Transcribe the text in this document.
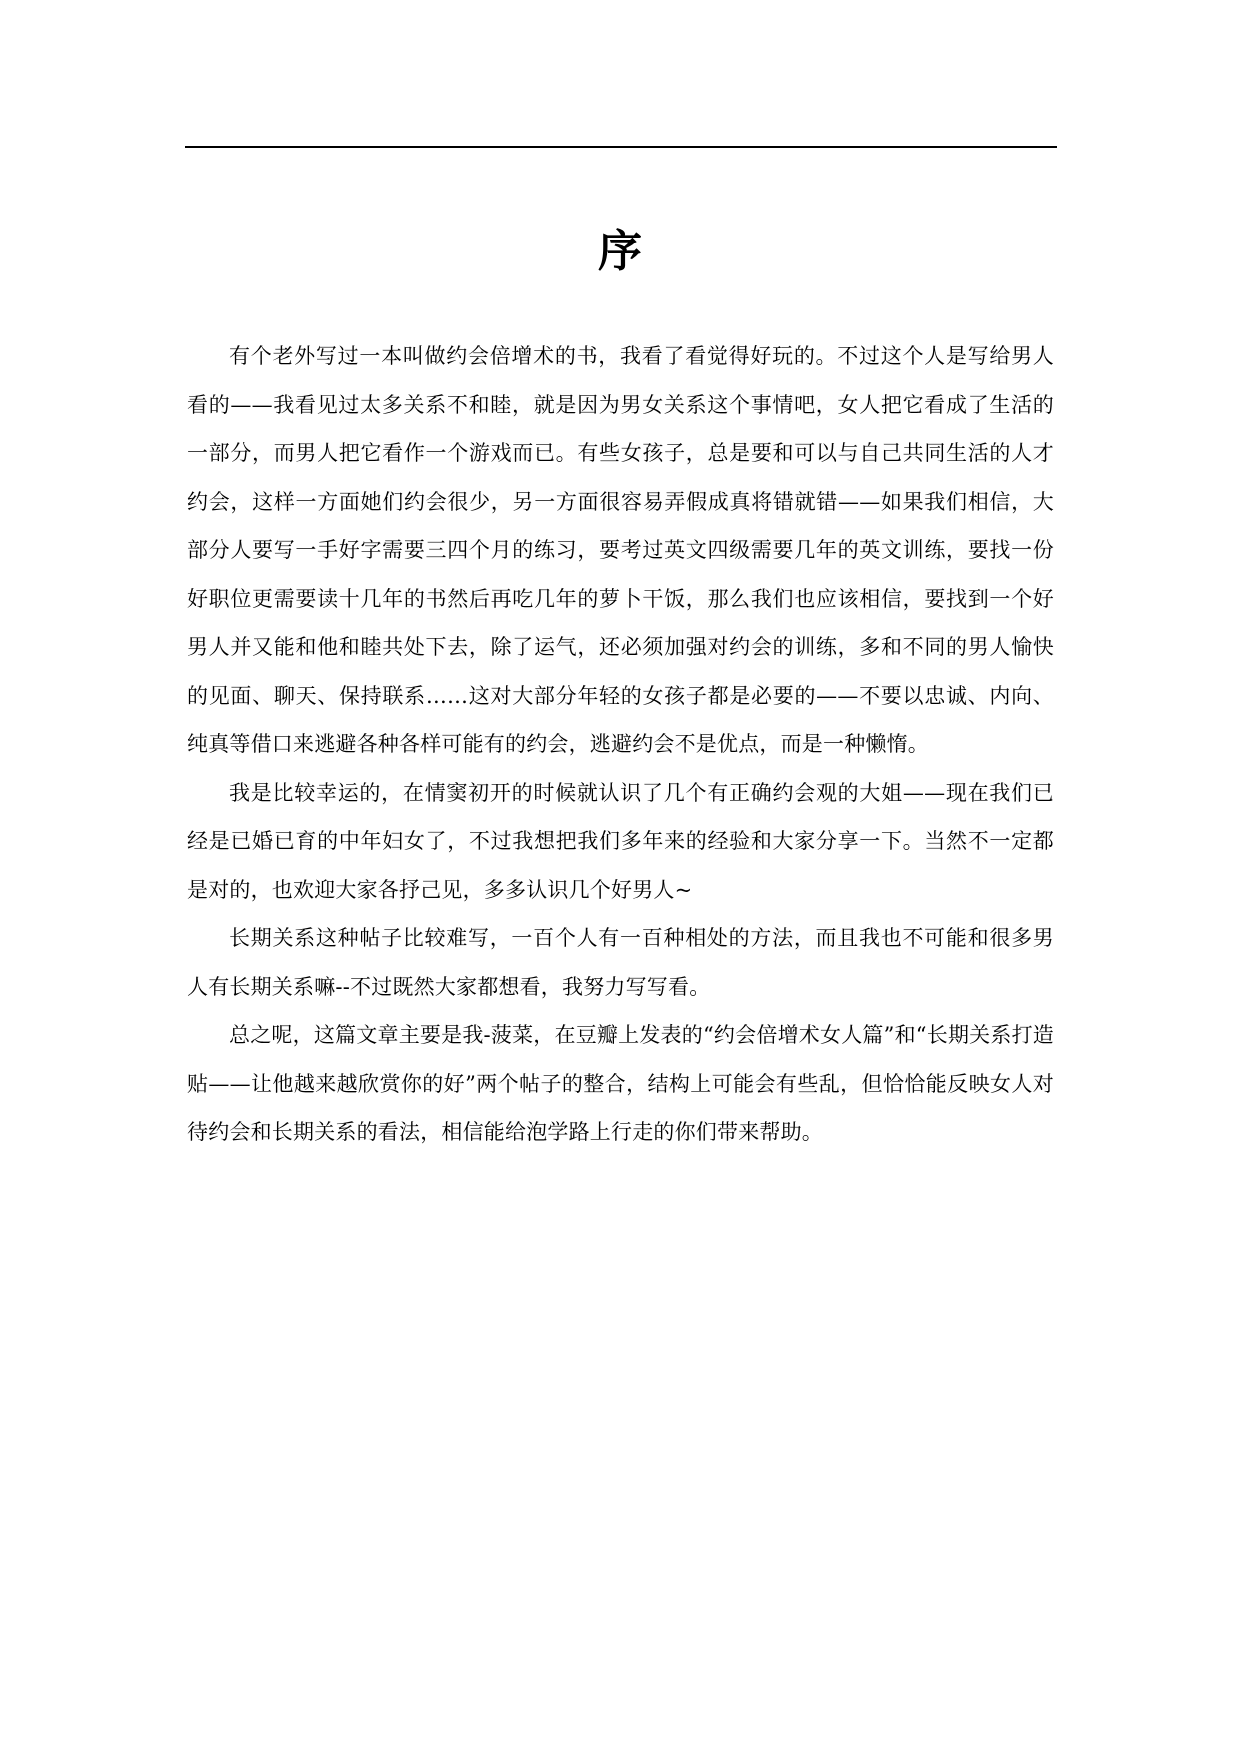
序

有个老外写过一本叫做约会倍增术的书，我看了看觉得好玩的。不过这个人是写给男人看的——我看见过太多关系不和睦，就是因为男女关系这个事情吧，女人把它看成了生活的一部分，而男人把它看作一个游戏而已。有些女孩子，总是要和可以与自己共同生活的人才约会，这样一方面她们约会很少，另一方面很容易弄假成真将错就错——如果我们相信，大部分人要写一手好字需要三四个月的练习，要考过英文四级需要几年的英文训练，要找一份好职位更需要读十几年的书然后再吃几年的萝卜干饭，那么我们也应该相信，要找到一个好男人并又能和他和睦共处下去，除了运气，还必须加强对约会的训练，多和不同的男人愉快的见面、聊天、保持联系……这对大部分年轻的女孩子都是必要的——不要以忠诚、内向、纯真等借口来逃避各种各样可能有的约会，逃避约会不是优点，而是一种懒惰。

我是比较幸运的，在情窦初开的时候就认识了几个有正确约会观的大姐——现在我们已经是已婚已育的中年妇女了，不过我想把我们多年来的经验和大家分享一下。当然不一定都是对的，也欢迎大家各抒己见，多多认识几个好男人~

长期关系这种帖子比较难写，一百个人有一百种相处的方法，而且我也不可能和很多男人有长期关系嘛--不过既然大家都想看，我努力写写看。

总之呢，这篇文章主要是我-菠菜，在豆瓣上发表的“约会倍增术女人篇”和“长期关系打造贴——让他越来越欣赏你的好”两个帖子的整合，结构上可能会有些乱，但恰恰能反映女人对待约会和长期关系的看法，相信能给泡学路上行走的你们带来帮助。
